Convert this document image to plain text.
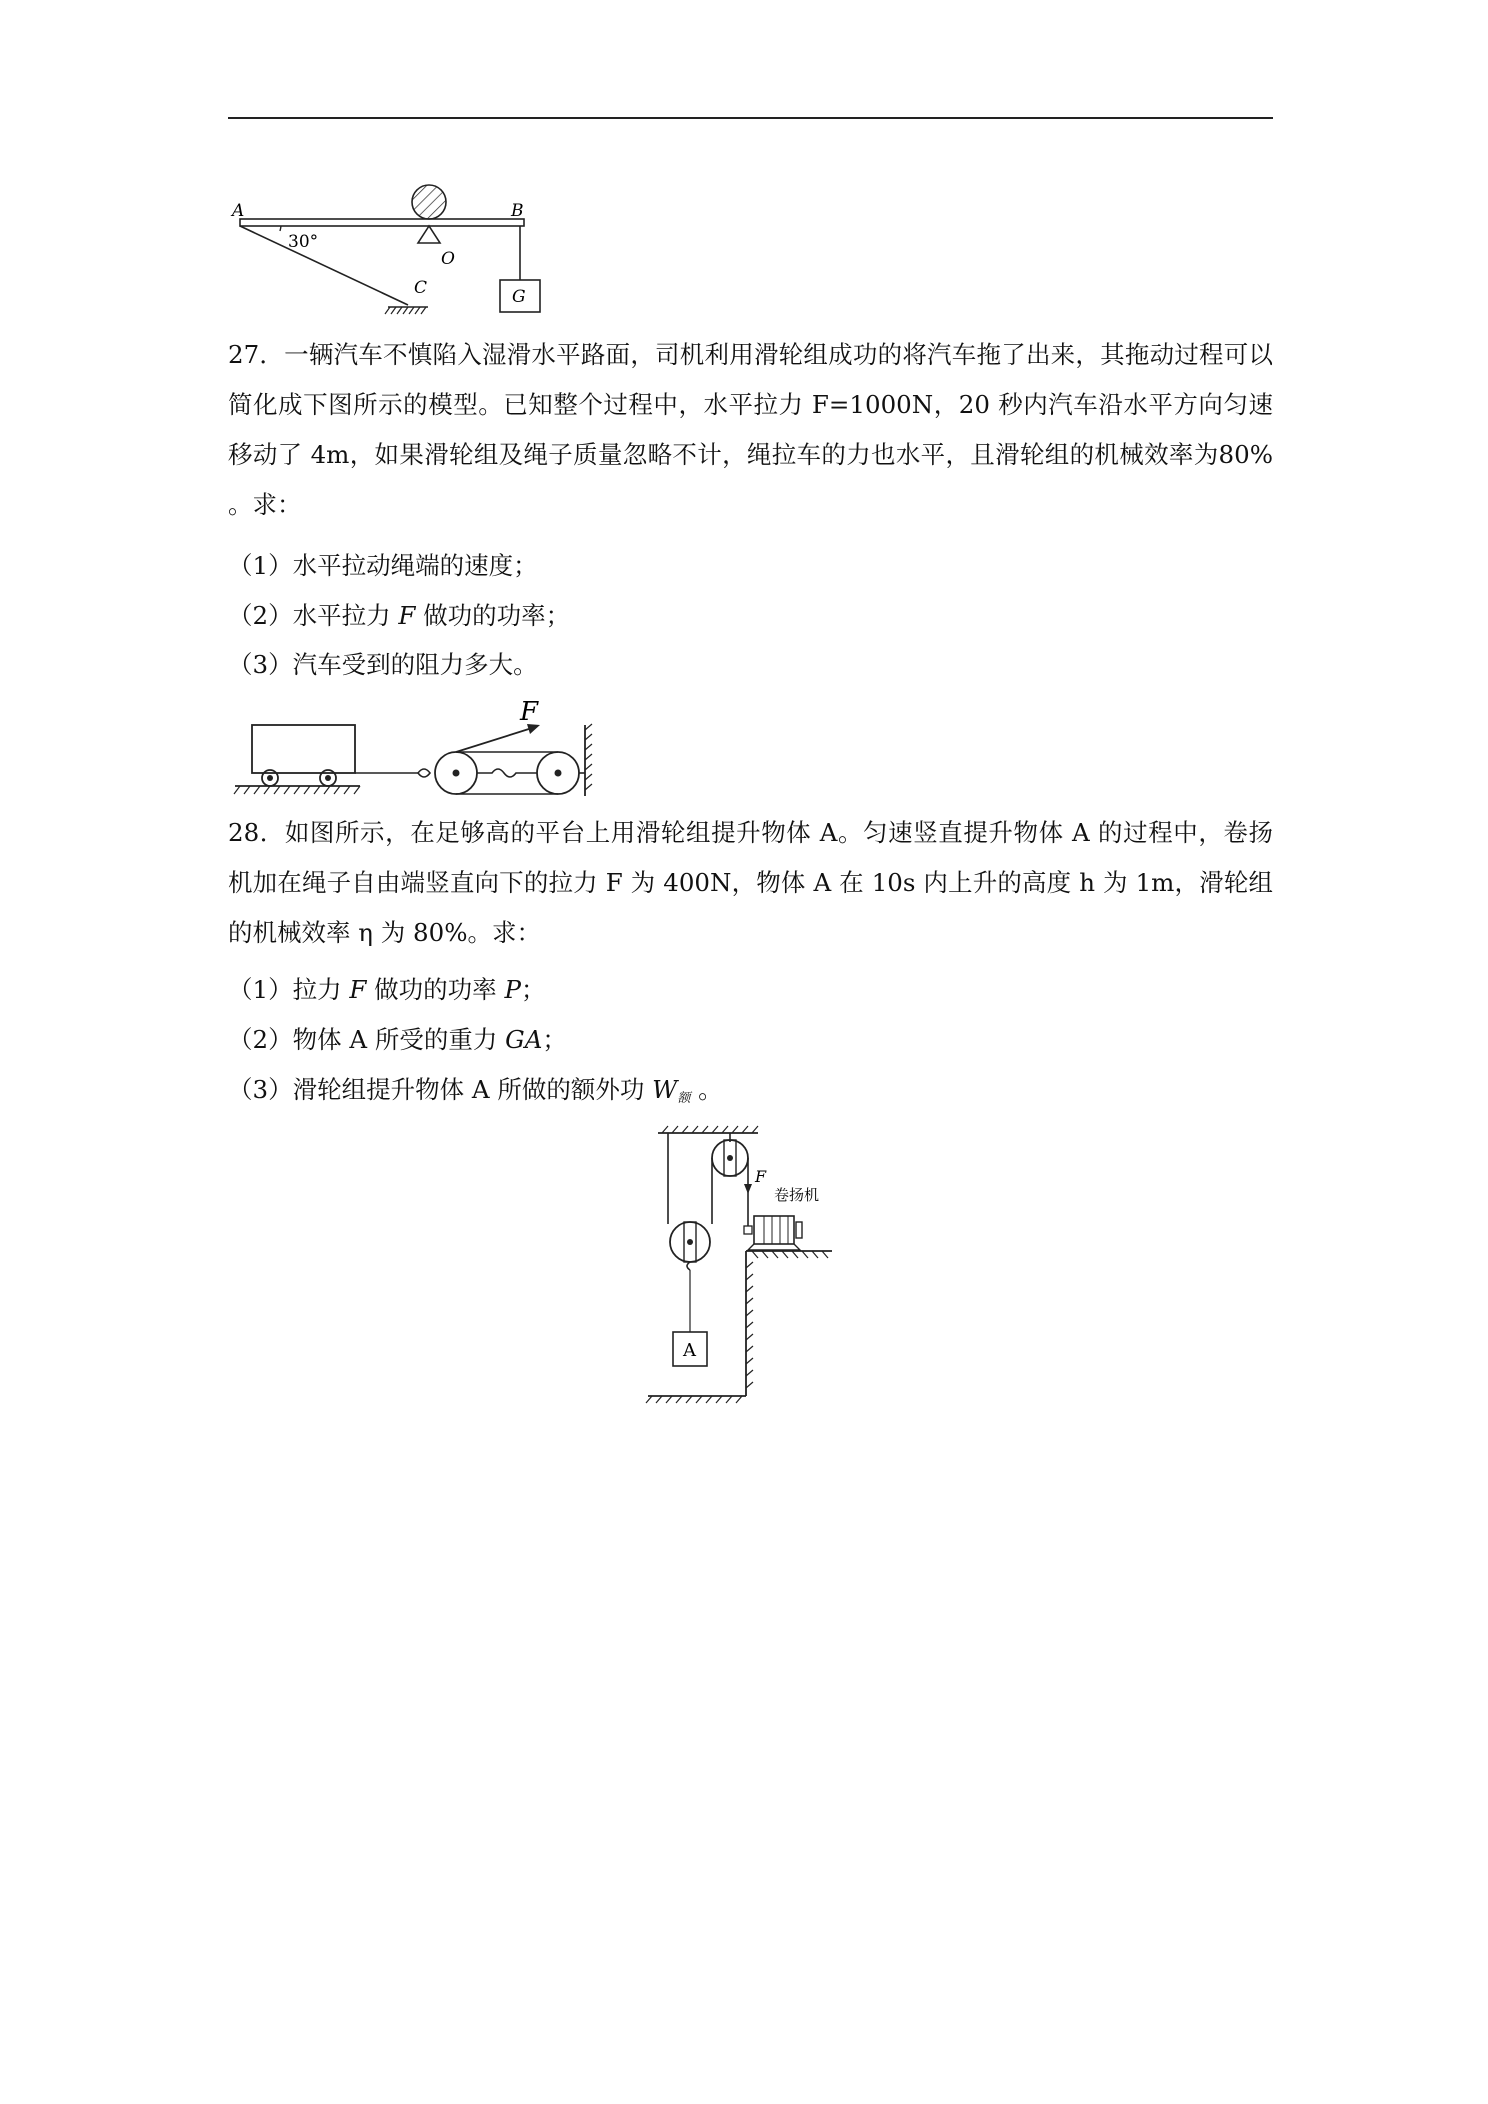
A	B
C
O
G
30°
27．一辆汽车不慎陷入湿滑水平路面，司机利用滑轮组成功的将汽车拖了出来，其拖动过程可以简化成下图所示的模型。已知整个过程中，水平拉力 F=1000N，20 秒内汽车沿水平方向匀速移动了 4m，如果滑轮组及绳子质量忽略不计，绳拉车的力也水平，且滑轮组的机械效率为80% 。求：
（1）水平拉动绳端的速度；
（2）水平拉力 F 做功的功率；
（3）汽车受到的阻力多大。
F
28．如图所示，在足够高的平台上用滑轮组提升物体 A。匀速竖直提升物体 A 的过程中，卷扬机加在绳子自由端竖直向下的拉力 F 为 400N，物体 A 在 10s 内上升的高度 h 为 1m，滑轮组的机械效率 η 为 80%。求：
（1）拉力 F 做功的功率 P；
（2）物体 A 所受的重力 GA；
（3）滑轮组提升物体 A 所做的额外功 $W_额$ 。
A
F
卷扬机
